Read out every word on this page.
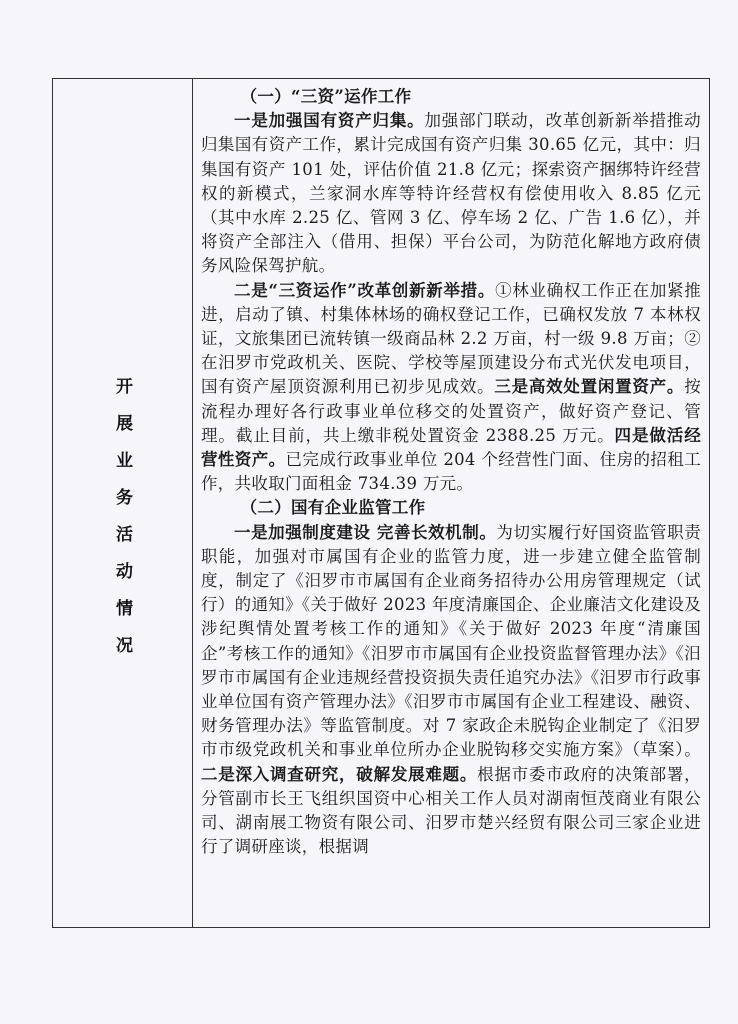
开展业务活动情况

（一）“三资”运作工作

一是加强国有资产归集。加强部门联动，改革创新新举措推动归集国有资产工作，累计完成国有资产归集 30.65 亿元，其中：归集国有资产 101 处，评估价值 21.8 亿元；探索资产捆绑特许经营权的新模式，兰家洞水库等特许经营权有偿使用收入 8.85 亿元（其中水库 2.25 亿、管网 3 亿、停车场 2 亿、广告 1.6 亿），并将资产全部注入（借用、担保）平台公司，为防范化解地方政府债务风险保驾护航。

二是“三资运作”改革创新新举措。①林业确权工作正在加紧推进，启动了镇、村集体林场的确权登记工作，已确权发放 7 本林权证，文旅集团已流转镇一级商品林 2.2 万亩，村一级 9.8 万亩；②在汨罗市党政机关、医院、学校等屋顶建设分布式光伏发电项目，国有资产屋顶资源利用已初步见成效。三是高效处置闲置资产。按流程办理好各行政事业单位移交的处置资产，做好资产登记、管理。截止目前，共上缴非税处置资金 2388.25 万元。四是做活经营性资产。已完成行政事业单位 204 个经营性门面、住房的招租工作，共收取门面租金 734.39 万元。

（二）国有企业监管工作

一是加强制度建设 完善长效机制。为切实履行好国资监管职责职能，加强对市属国有企业的监管力度，进一步建立健全监管制度，制定了《汨罗市市属国有企业商务招待办公用房管理规定（试行）的通知》《关于做好 2023 年度清廉国企、企业廉洁文化建设及涉纪舆情处置考核工作的通知》《关于做好 2023 年度“清廉国企”考核工作的通知》《汨罗市市属国有企业投资监督管理办法》《汨罗市市属国有企业违规经营投资损失责任追究办法》《汨罗市行政事业单位国有资产管理办法》《汨罗市市属国有企业工程建设、融资、财务管理办法》等监管制度。对 7 家政企未脱钩企业制定了《汨罗市市级党政机关和事业单位所办企业脱钩移交实施方案》（草案）。二是深入调查研究，破解发展难题。根据市委市政府的决策部署，分管副市长王飞组织国资中心相关工作人员对湖南恒茂商业有限公司、湖南展工物资有限公司、汨罗市楚兴经贸有限公司三家企业进行了调研座谈，根据调
